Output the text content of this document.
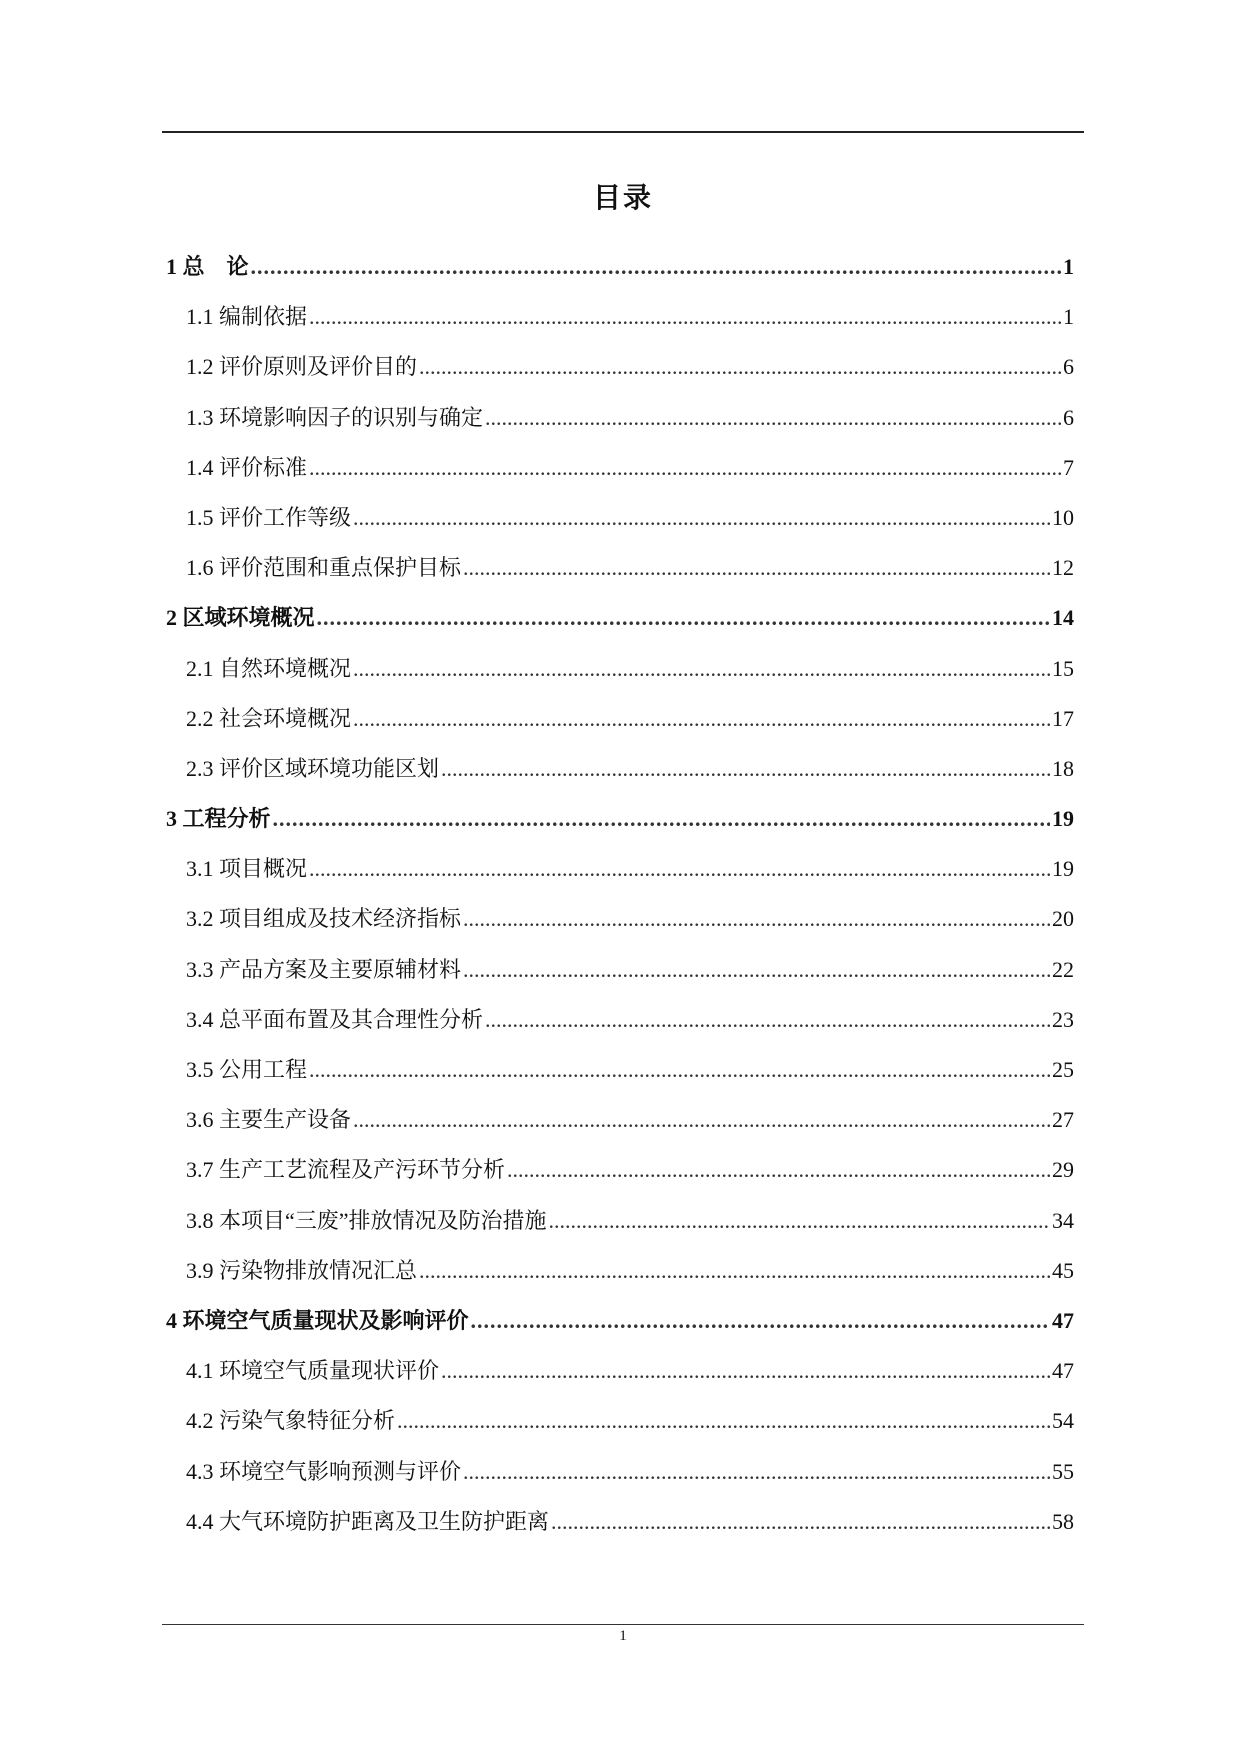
目录
1 总　论 .....	1
1.1 编制依据 .....	1
1.2 评价原则及评价目的 .....	6
1.3 环境影响因子的识别与确定 .....	6
1.4 评价标准 .....	7
1.5 评价工作等级 .....	10
1.6 评价范围和重点保护目标 .....	12
2 区域环境概况 .....	14
2.1 自然环境概况 .....	15
2.2 社会环境概况 .....	17
2.3 评价区域环境功能区划 .....	18
3 工程分析 .....	19
3.1 项目概况 .....	19
3.2 项目组成及技术经济指标 .....	20
3.3 产品方案及主要原辅材料 .....	22
3.4 总平面布置及其合理性分析 .....	23
3.5 公用工程 .....	25
3.6 主要生产设备 .....	27
3.7 生产工艺流程及产污环节分析 .....	29
3.8 本项目“三废”排放情况及防治措施 .....	34
3.9 污染物排放情况汇总 .....	45
4 环境空气质量现状及影响评价 .....	47
4.1 环境空气质量现状评价 .....	47
4.2 污染气象特征分析 .....	54
4.3 环境空气影响预测与评价 .....	55
4.4 大气环境防护距离及卫生防护距离 .....	58
1
